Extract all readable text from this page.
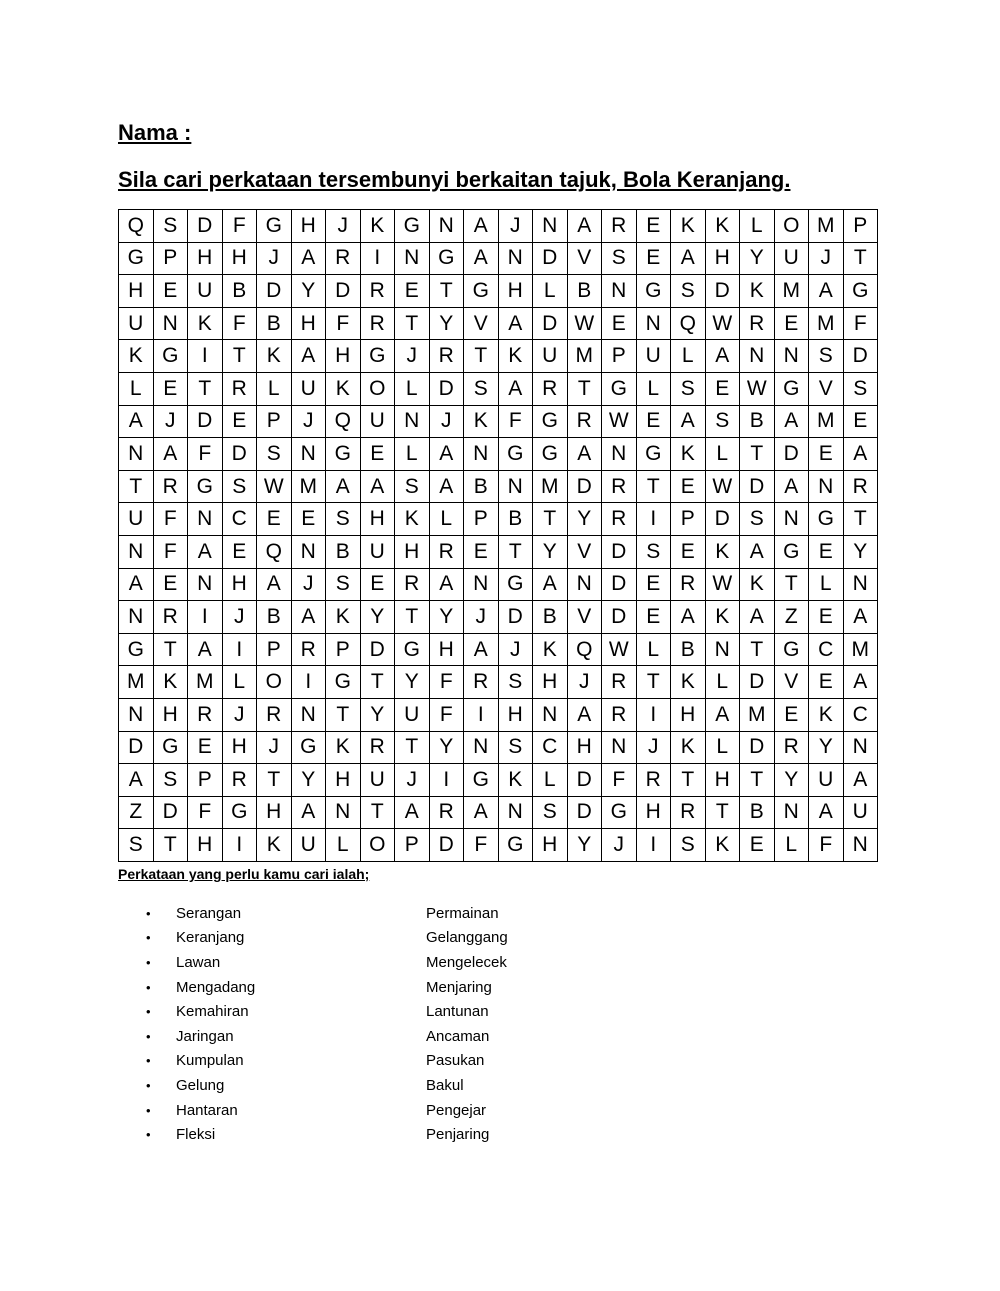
Nama :
Sila cari perkataan tersembunyi berkaitan tajuk, Bola Keranjang.
Q S D F G H	J	K G N A	J	N A R E K K	L O M P
G P H H	J	A R	I	N G A N D V S E A H Y U	J	T
H E U B D Y D R E	T G H	L	B N G S D K M A G
U N K	F	B H F R T	Y V A D W E N Q W R E M F
K G	I	T	K A H G	J	R T	K U M P U	L	A N N S D
L	E	T R	L	U K O L	D S A R T G L	S E W G V S
A	J	D E P	J	Q U N	J	K	F G R W E A S B A M E
N A	F D S N G E	L	A N G G A N G K	L	T D E A
T R G S W M A A S A B N M D R T	E W D A N R
U F N C E E S H K	L	P B	T	Y R	I	P D S N G T
N F	A E Q N B U H R E	T	Y V D S E K A G E Y
A E N H A	J	S E R A N G A N D E R W K	T	L	N
N R	I	J	B A K Y	T	Y	J	D B V D E A K A	Z	E A
G T	A	I	P R P D G H A	J	K Q W L	B N T G C M
M K M L O	I	G T	Y	F R S H	J	R T	K	L	D V E A
N H R	J	R N T	Y U F	I	H N A R	I	H A M E K C
D G E H	J	G K R T	Y N S C H N	J	K	L	D R Y N
A S P R T	Y H U	J	I	G K	L	D F R T H T	Y U A
Z D F G H A N T	A R A N S D G H R T	B N A U
S	T H	I	K U	L O P D F G H Y	J	I	S K E	L	F N
Perkataan yang perlu kamu cari ialah;
•	Serangan	Permainan
•	Keranjang	Gelanggang
•	Lawan	Mengelecek
•	Mengadang	Menjaring
•	Kemahiran	Lantunan
•	Jaringan	Ancaman
•	Kumpulan	Pasukan
•	Gelung	Bakul
•	Hantaran	Pengejar
•	Fleksi	Penjaring
